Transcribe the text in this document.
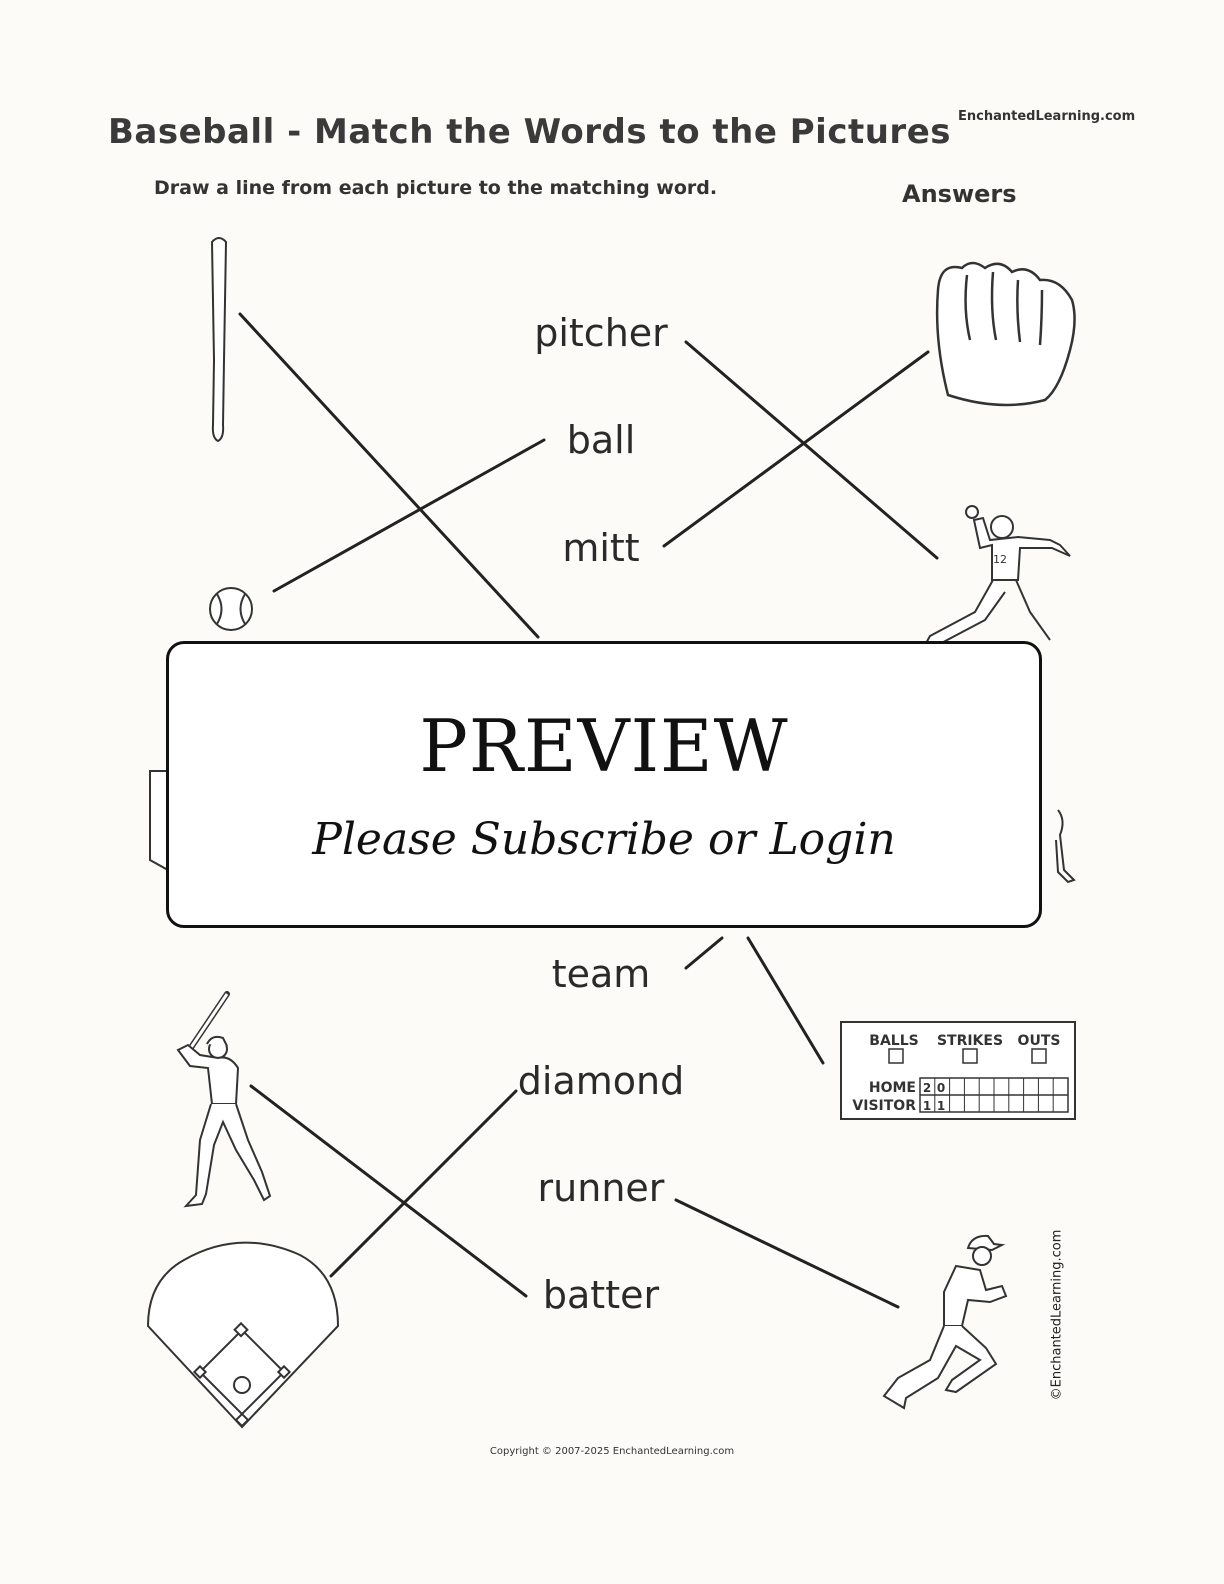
Baseball - Match the Words to the Pictures EnchantedLearning.com
Draw a line from each picture to the matching word.	Answers
12
BALLS STRIKES OUTS
HOME 2 0
VISITOR 1 1
pitcher
ball
mitt
team
diamond
runner
batter
PREVIEW
Please Subscribe or Login
Copyright © 2007-2025 EnchantedLearning.com
©EnchantedLearning.com
